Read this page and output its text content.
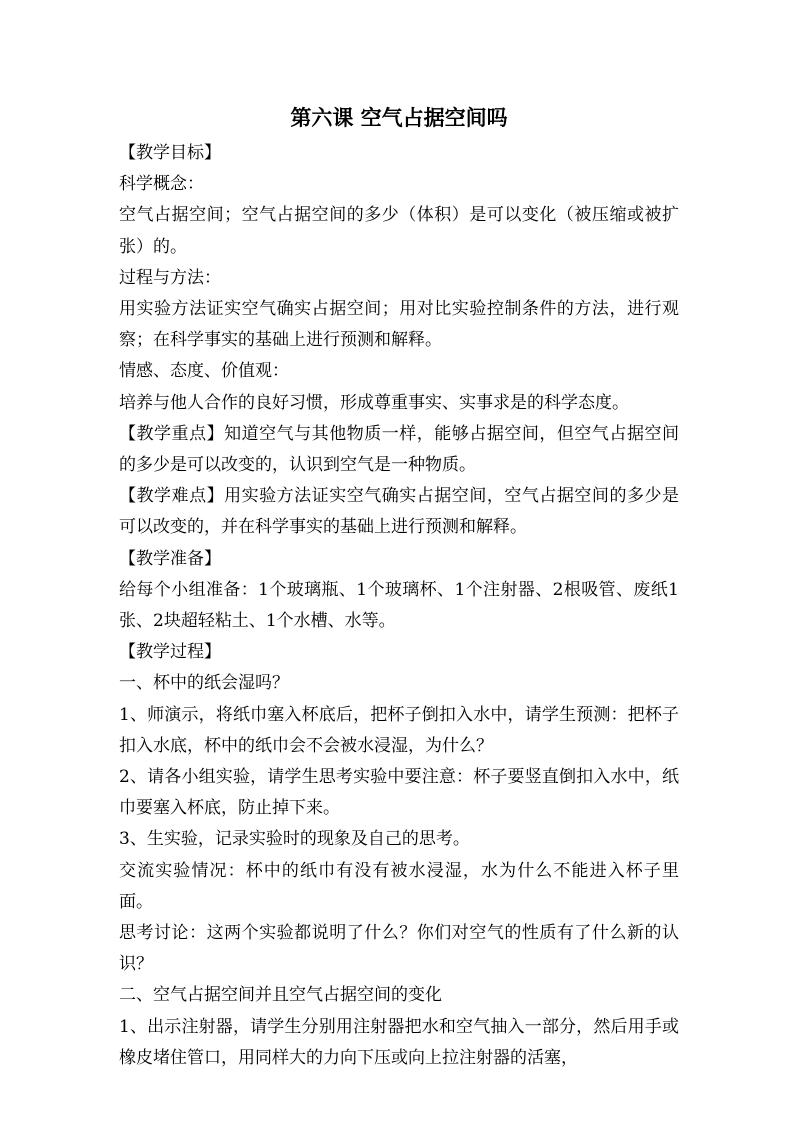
第六课 空气占据空间吗

【教学目标】

科学概念：

空气占据空间；空气占据空间的多少（体积）是可以变化（被压缩或被扩张）的。

过程与方法：

用实验方法证实空气确实占据空间；用对比实验控制条件的方法，进行观察；在科学事实的基础上进行预测和解释。

情感、态度、价值观：

培养与他人合作的良好习惯，形成尊重事实、实事求是的科学态度。

【教学重点】知道空气与其他物质一样，能够占据空间，但空气占据空间的多少是可以改变的，认识到空气是一种物质。

【教学难点】用实验方法证实空气确实占据空间，空气占据空间的多少是可以改变的，并在科学事实的基础上进行预测和解释。

【教学准备】

给每个小组准备：1个玻璃瓶、1个玻璃杯、1个注射器、2根吸管、废纸1张、2块超轻粘土、1个水槽、水等。

【教学过程】

一、杯中的纸会湿吗？

1、师演示，将纸巾塞入杯底后，把杯子倒扣入水中，请学生预测：把杯子扣入水底，杯中的纸巾会不会被水浸湿，为什么？

2、请各小组实验，请学生思考实验中要注意：杯子要竖直倒扣入水中，纸巾要塞入杯底，防止掉下来。

3、生实验，记录实验时的现象及自己的思考。

交流实验情况：杯中的纸巾有没有被水浸湿，水为什么不能进入杯子里面。

思考讨论：这两个实验都说明了什么？你们对空气的性质有了什么新的认识？

二、空气占据空间并且空气占据空间的变化

1、出示注射器，请学生分别用注射器把水和空气抽入一部分，然后用手或橡皮堵住管口，用同样大的力向下压或向上拉注射器的活塞，
